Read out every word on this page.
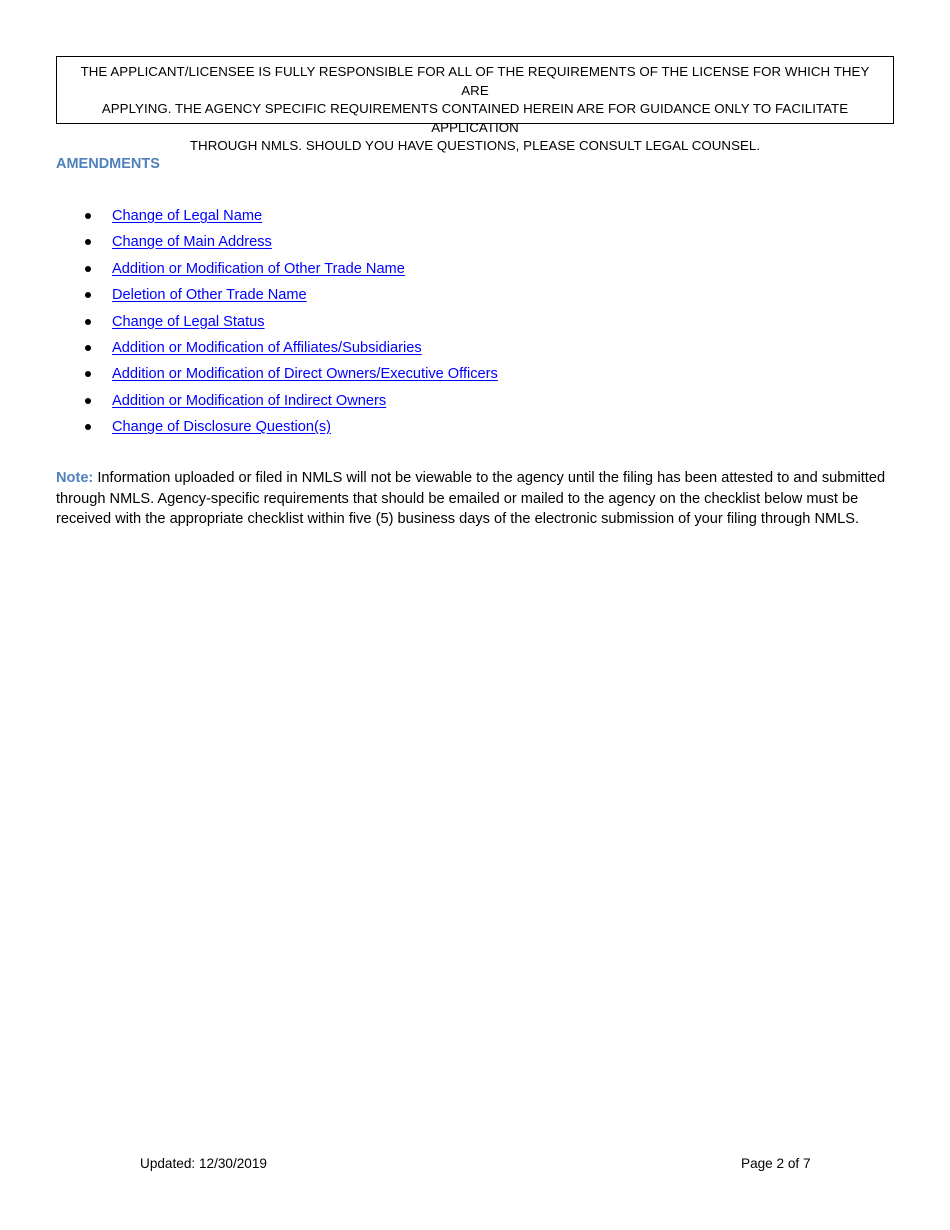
THE APPLICANT/LICENSEE IS FULLY RESPONSIBLE FOR ALL OF THE REQUIREMENTS OF THE LICENSE FOR WHICH THEY ARE
APPLYING. THE AGENCY SPECIFIC REQUIREMENTS CONTAINED HEREIN ARE FOR GUIDANCE ONLY TO FACILITATE APPLICATION
THROUGH NMLS. SHOULD YOU HAVE QUESTIONS, PLEASE CONSULT LEGAL COUNSEL.
AMENDMENTS
Change of Legal Name
Change of Main Address
Addition or Modification of Other Trade Name
Deletion of Other Trade Name
Change of Legal Status
Addition or Modification of Affiliates/Subsidiaries
Addition or Modification of Direct Owners/Executive Officers
Addition or Modification of Indirect Owners
Change of Disclosure Question(s)

Note: Information uploaded or filed in NMLS will not be viewable to the agency until the filing has been attested to and submitted through NMLS. Agency-specific requirements that should be emailed or mailed to the agency on the checklist below must be received with the appropriate checklist within five (5) business days of the electronic submission of your filing through NMLS.

Updated: 12/30/2019	Page 2 of 7
